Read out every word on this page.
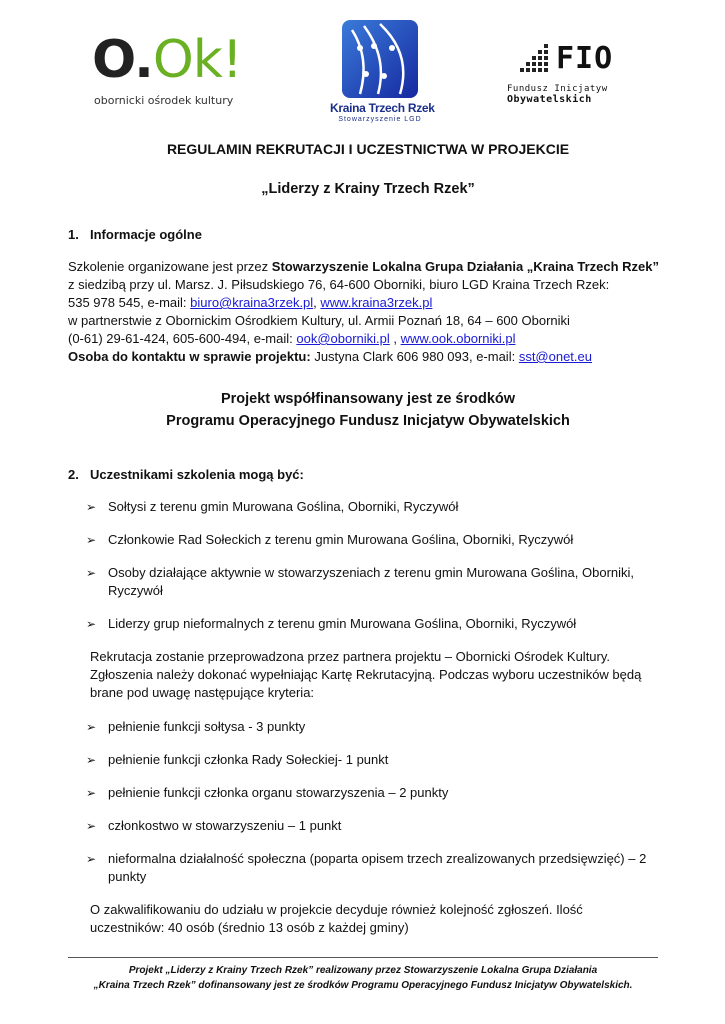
O.Ok!
obornicki ośrodek kultury
Kraina Trzech Rzek
Stowarzyszenie LGD
FIO
Fundusz Inicjatyw
Obywatelskich

REGULAMIN REKRUTACJI I UCZESTNICTWA W PROJEKCIE

„Liderzy z Krainy Trzech Rzek”

1. Informacje ogólne

Szkolenie organizowane jest przez Stowarzyszenie Lokalna Grupa Działania „Kraina Trzech Rzek”

z siedzibą przy ul. Marsz. J. Piłsudskiego 76, 64-600 Oborniki, biuro LGD Kraina Trzech Rzek:

535 978 545, e-mail: biuro@kraina3rzek.pl, www.kraina3rzek.pl

w partnerstwie z Obornickim Ośrodkiem Kultury, ul. Armii Poznań 18, 64 – 600 Oborniki

(0-61) 29-61-424, 605-600-494, e-mail: ook@oborniki.pl , www.ook.oborniki.pl

Osoba do kontaktu w sprawie projektu: Justyna Clark 606 980 093, e-mail: sst@onet.eu

Projekt współfinansowany jest ze środków
Programu Operacyjnego Fundusz Inicjatyw Obywatelskich

2. Uczestnikami szkolenia mogą być:

➢ Sołtysi z terenu gmin Murowana Goślina, Oborniki, Ryczywół
➢ Członkowie Rad Sołeckich z terenu gmin Murowana Goślina, Oborniki, Ryczywół
➢ Osoby działające aktywnie w stowarzyszeniach z terenu gmin Murowana Goślina, Oborniki, Ryczywół
➢ Liderzy grup nieformalnych z terenu gmin Murowana Goślina, Oborniki, Ryczywół

Rekrutacja zostanie przeprowadzona przez partnera projektu – Obornicki Ośrodek Kultury. Zgłoszenia należy dokonać wypełniając Kartę Rekrutacyjną. Podczas wyboru uczestników będą brane pod uwagę następujące kryteria:

➢ pełnienie funkcji sołtysa - 3 punkty
➢ pełnienie funkcji członka Rady Sołeckiej- 1 punkt
➢ pełnienie funkcji członka organu stowarzyszenia – 2 punkty
➢ członkostwo w stowarzyszeniu – 1 punkt
➢ nieformalna działalność społeczna (poparta opisem trzech zrealizowanych przedsięwzięć) – 2 punkty

O zakwalifikowaniu do udziału w projekcie decyduje również kolejność zgłoszeń. Ilość uczestników: 40 osób (średnio 13 osób z każdej gminy)

Projekt „Liderzy z Krainy Trzech Rzek” realizowany przez Stowarzyszenie Lokalna Grupa Działania
„Kraina Trzech Rzek” dofinansowany jest ze środków Programu Operacyjnego Fundusz Inicjatyw Obywatelskich.
